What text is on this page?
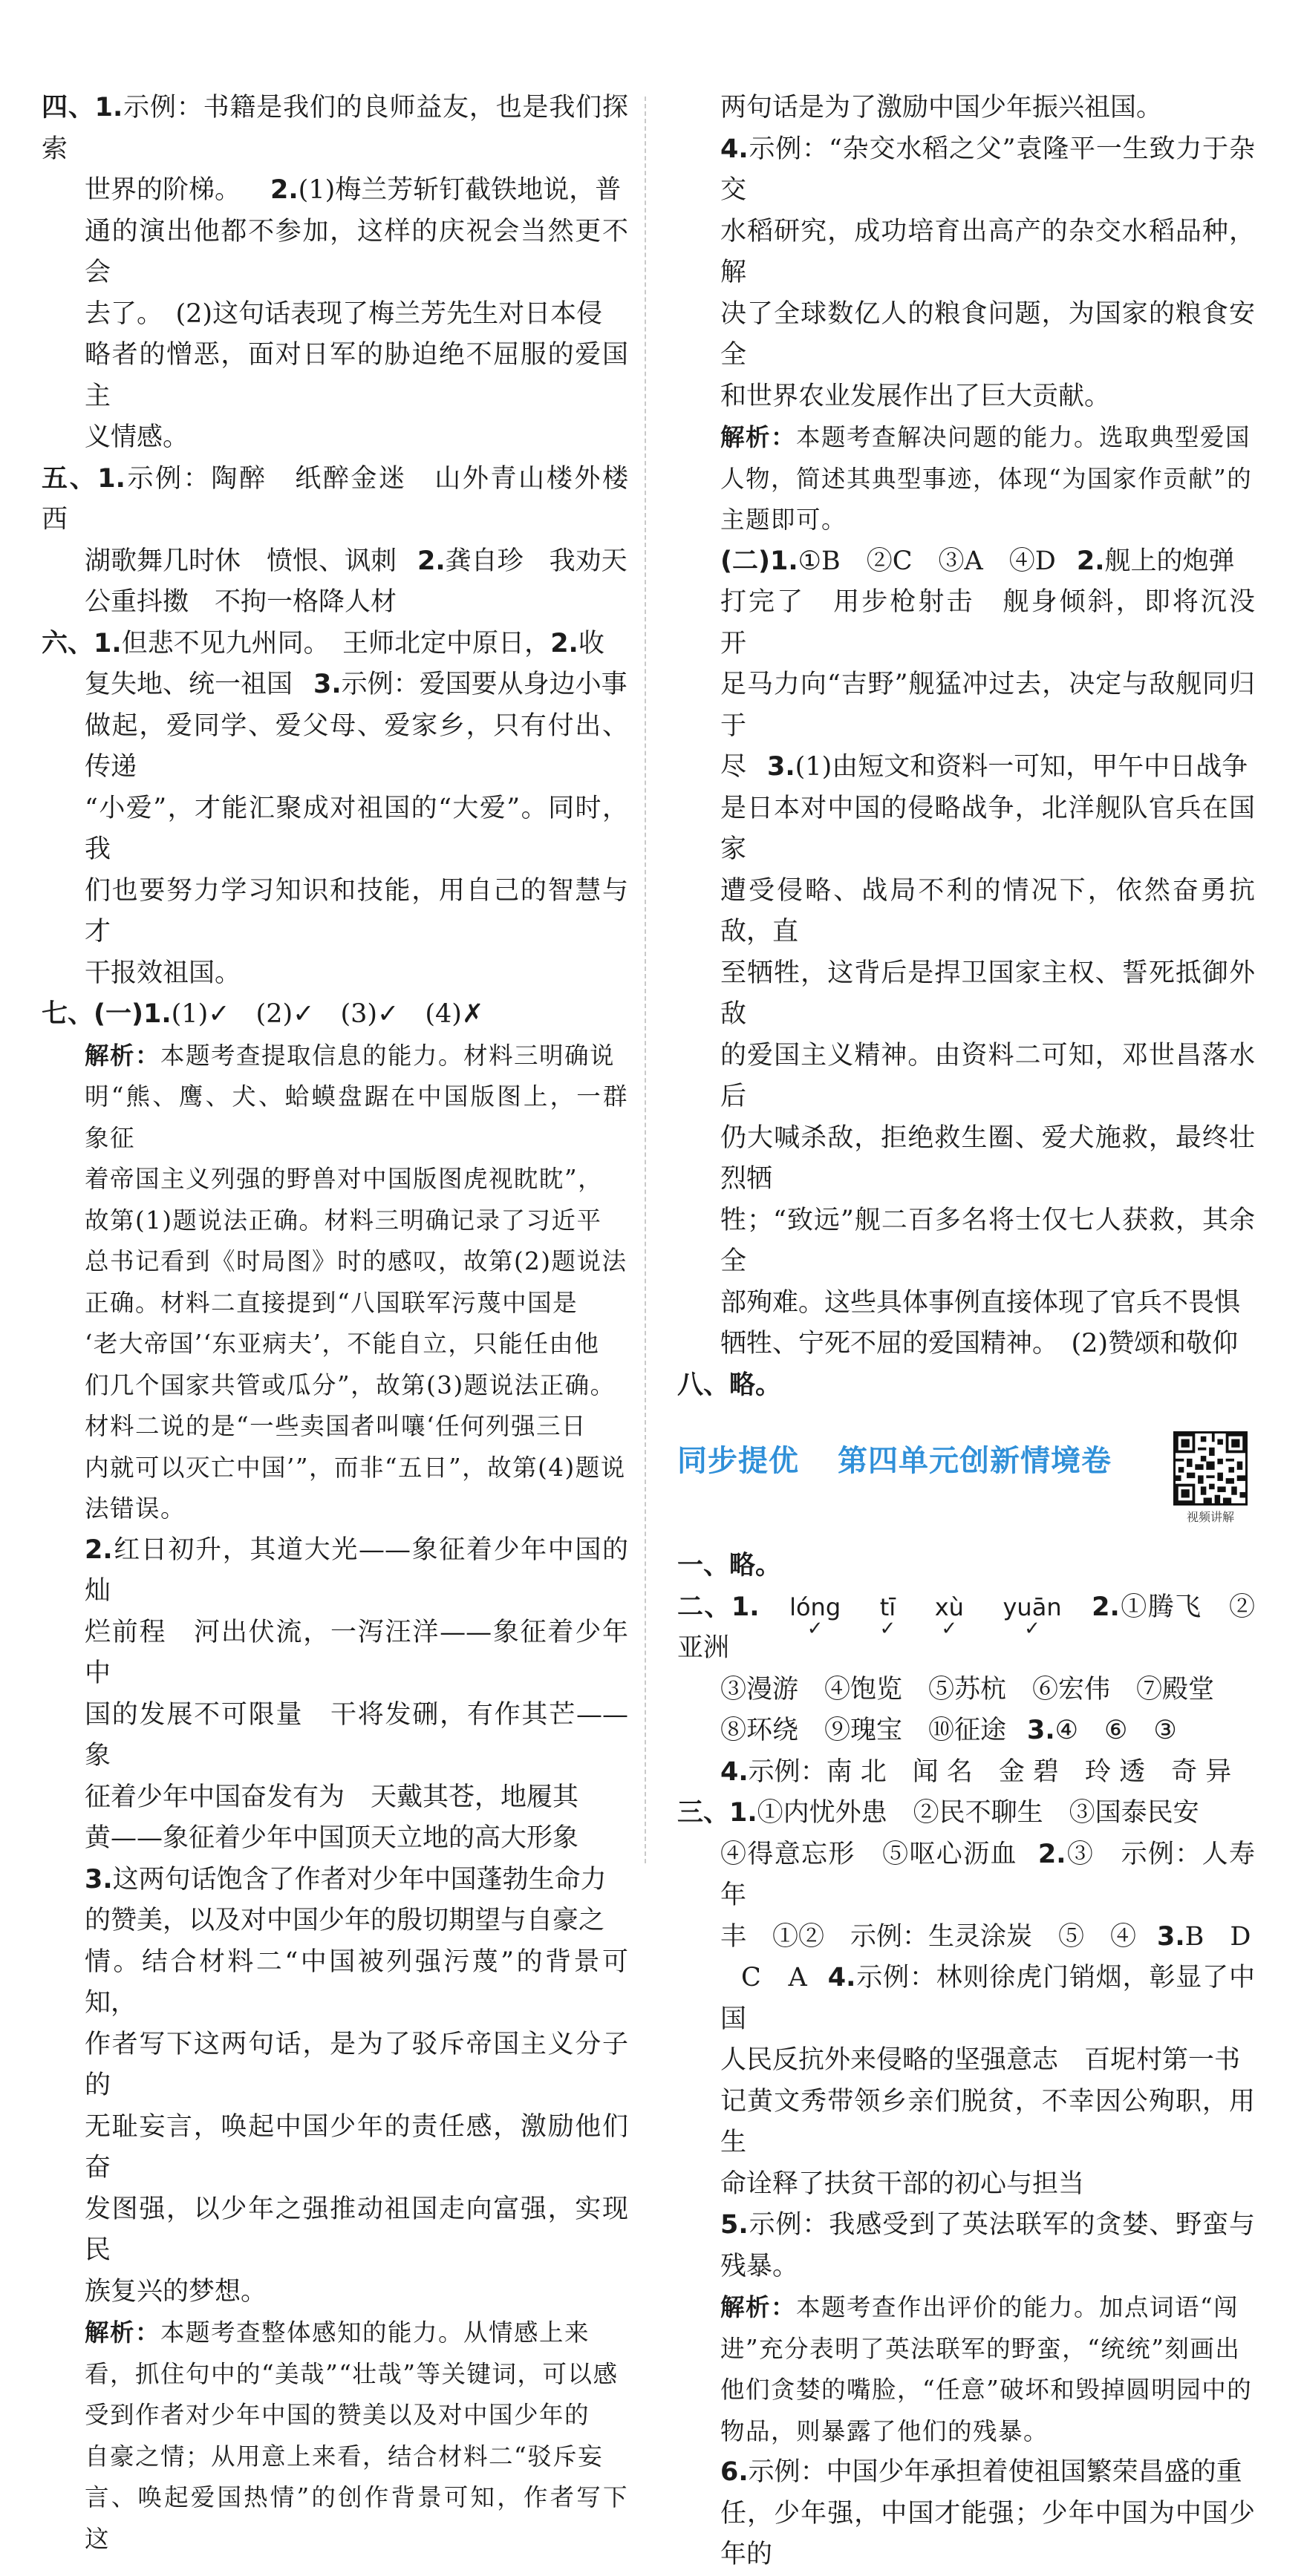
四、1.示例：书籍是我们的良师益友，也是我们探索

世界的阶梯。 2.(1)梅兰芳斩钉截铁地说，普

通的演出他都不参加，这样的庆祝会当然更不会

去了。　(2)这句话表现了梅兰芳先生对日本侵

略者的憎恶，面对日军的胁迫绝不屈服的爱国主

义情感。

五、1.示例：陶醉　纸醉金迷　山外青山楼外楼　西

湖歌舞几时休　愤恨、讽刺 2.龚自珍　我劝天

公重抖擞　不拘一格降人材

六、1.但悲不见九州同。　王师北定中原日，2.收

复失地、统一祖国 3.示例：爱国要从身边小事

做起，爱同学、爱父母、爱家乡，只有付出、传递

“小爱”，才能汇聚成对祖国的“大爱”。同时，我

们也要努力学习知识和技能，用自己的智慧与才

干报效祖国。

七、(一)1.(1)✓　(2)✓　(3)✓　(4)✗

解析：本题考查提取信息的能力。材料三明确说

明“熊、鹰、犬、蛤蟆盘踞在中国版图上，一群象征

着帝国主义列强的野兽对中国版图虎视眈眈”，

故第(1)题说法正确。材料三明确记录了习近平

总书记看到《时局图》时的感叹，故第(2)题说法

正确。材料二直接提到“八国联军污蔑中国是

‘老大帝国’‘东亚病夫’，不能自立，只能任由他

们几个国家共管或瓜分”，故第(3)题说法正确。

材料二说的是“一些卖国者叫嚷‘任何列强三日

内就可以灭亡中国’”，而非“五日”，故第(4)题说

法错误。

2.红日初升，其道大光——象征着少年中国的灿

烂前程　河出伏流，一泻汪洋——象征着少年中

国的发展不可限量　干将发硎，有作其芒——象

征着少年中国奋发有为　天戴其苍，地履其

黄——象征着少年中国顶天立地的高大形象

3.这两句话饱含了作者对少年中国蓬勃生命力

的赞美，以及对中国少年的殷切期望与自豪之

情。结合材料二“中国被列强污蔑”的背景可知，

作者写下这两句话，是为了驳斥帝国主义分子的

无耻妄言，唤起中国少年的责任感，激励他们奋

发图强，以少年之强推动祖国走向富强，实现民

族复兴的梦想。

解析：本题考查整体感知的能力。从情感上来

看，抓住句中的“美哉”“壮哉”等关键词，可以感

受到作者对少年中国的赞美以及对中国少年的

自豪之情；从用意上来看，结合材料二“驳斥妄

言、唤起爱国热情”的创作背景可知，作者写下这

两句话是为了激励中国少年振兴祖国。

4.示例：“杂交水稻之父”袁隆平一生致力于杂交

水稻研究，成功培育出高产的杂交水稻品种，解

决了全球数亿人的粮食问题，为国家的粮食安全

和世界农业发展作出了巨大贡献。

解析：本题考查解决问题的能力。选取典型爱国

人物，简述其典型事迹，体现“为国家作贡献”的

主题即可。

(二)1.①B　②C　③A　④D 2.舰上的炮弹

打完了　用步枪射击　舰身倾斜，即将沉没　开

足马力向“吉野”舰猛冲过去，决定与敌舰同归于

尽 3.(1)由短文和资料一可知，甲午中日战争

是日本对中国的侵略战争，北洋舰队官兵在国家

遭受侵略、战局不利的情况下，依然奋勇抗敌，直

至牺牲，这背后是捍卫国家主权、誓死抵御外敌

的爱国主义精神。由资料二可知，邓世昌落水后

仍大喊杀敌，拒绝救生圈、爱犬施救，最终壮烈牺

牲；“致远”舰二百多名将士仅七人获救，其余全

部殉难。这些具体事例直接体现了官兵不畏惧

牺牲、宁死不屈的爱国精神。　(2)赞颂和敬仰

八、略。

同步提优 第四单元创新情境卷
视频讲解

一、略。

二、1. lóng
✓
tī
✓
xù
✓
yuān
✓
2.①腾飞　②亚洲

③漫游　④饱览　⑤苏杭　⑥宏伟　⑦殿堂

⑧环绕　⑨瑰宝　⑩征途 3.④　⑥　③

4.示例：南 北　闻 名　金 碧　玲 透　奇 异

三、1.①内忧外患　②民不聊生　③国泰民安

④得意忘形　⑤呕心沥血 2.③　示例：人寿年

丰　①②　示例：生灵涂炭　⑤　④ 3.B　D

C　A 4.示例：林则徐虎门销烟，彰显了中国

人民反抗外来侵略的坚强意志　百坭村第一书

记黄文秀带领乡亲们脱贫，不幸因公殉职，用生

命诠释了扶贫干部的初心与担当

5.示例：我感受到了英法联军的贪婪、野蛮与残暴。

解析：本题考查作出评价的能力。加点词语“闯

进”充分表明了英法联军的野蛮，“统统”刻画出

他们贪婪的嘴脸，“任意”破坏和毁掉圆明园中的

物品，则暴露了他们的残暴。

6.示例：中国少年承担着使祖国繁荣昌盛的重

任，少年强，中国才能强；少年中国为中国少年的
